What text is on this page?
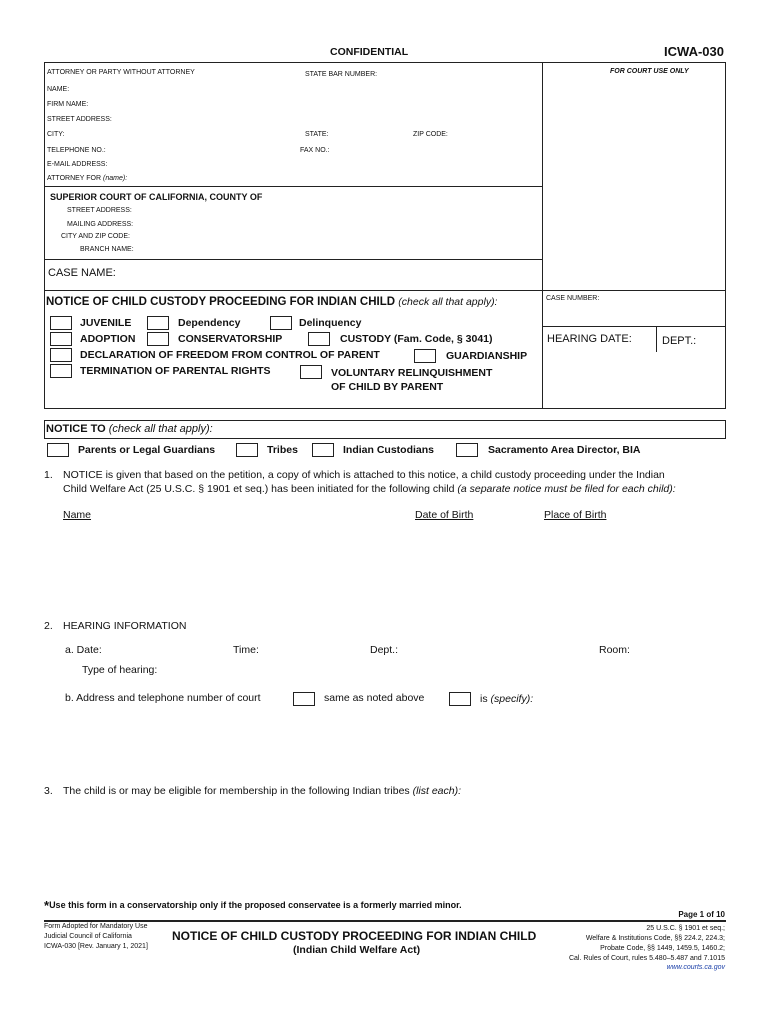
CONFIDENTIAL	ICWA-030
ATTORNEY OR PARTY WITHOUT ATTORNEY	STATE BAR NUMBER:
NAME:
FIRM NAME:
STREET ADDRESS:
CITY:	STATE:	ZIP CODE:
TELEPHONE NO.:	FAX NO.:
E-MAIL ADDRESS:
ATTORNEY FOR (name):
FOR COURT USE ONLY
SUPERIOR COURT OF CALIFORNIA, COUNTY OF
STREET ADDRESS:
MAILING ADDRESS:
CITY AND ZIP CODE:
BRANCH NAME:
CASE NAME:
NOTICE OF CHILD CUSTODY PROCEEDING FOR INDIAN CHILD (check all that apply):	CASE NUMBER:
HEARING DATE:	DEPT.:
JUVENILE	Dependency	Delinquency
ADOPTION	CONSERVATORSHIP	CUSTODY (Fam. Code, § 3041)
DECLARATION OF FREEDOM FROM CONTROL OF PARENT	GUARDIANSHIP
TERMINATION OF PARENTAL RIGHTS	VOLUNTARY RELINQUISHMENT
OF CHILD BY PARENT
NOTICE TO (check all that apply):
Parents or Legal Guardians	Tribes	Indian Custodians	Sacramento Area Director, BIA
1. NOTICE is given that based on the petition, a copy of which is attached to this notice, a child custody proceeding under the Indian
Child Welfare Act (25 U.S.C. § 1901 et seq.) has been initiated for the following child (a separate notice must be filed for each child):
Name	Date of Birth	Place of Birth
2. HEARING INFORMATION
a. Date:	Time:	Dept.:	Room:
Type of hearing:
b. Address and telephone number of court	same as noted above	is (specify):
3. The child is or may be eligible for membership in the following Indian tribes (list each):
*Use this form in a conservatorship only if the proposed conservatee is a formerly married minor.
Page 1 of 10
Form Adopted for Mandatory Use
Judicial Council of California
ICWA-030 [Rev. January 1, 2021]
NOTICE OF CHILD CUSTODY PROCEEDING FOR INDIAN CHILD
(Indian Child Welfare Act)
25 U.S.C. § 1901 et seq.;
Welfare & Institutions Code, §§ 224.2, 224.3;
Probate Code, §§ 1449, 1459.5, 1460.2;
Cal. Rules of Court, rules 5.480–5.487 and 7.1015
www.courts.ca.gov
